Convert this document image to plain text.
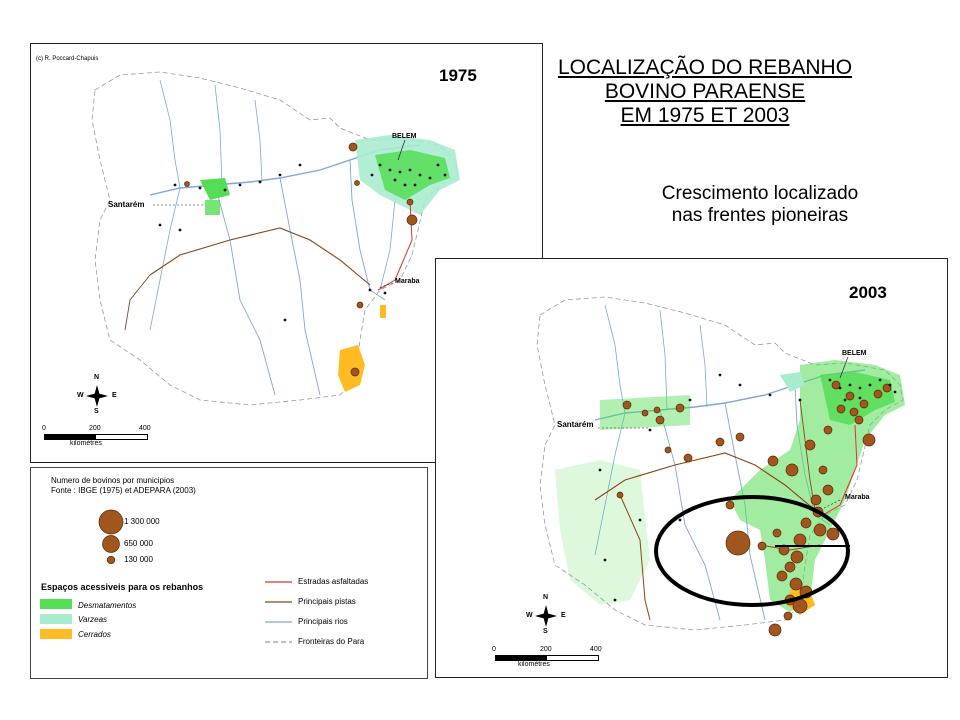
(c) R. Poccard-Chapuis
1975
Santarém
BELEM
Maraba
N
S
E
W
0	200	400
kilomètres
LOCALIZAÇÃO DO REBANHO
BOVINO PARAENSE
EM 1975 ET 2003
Crescimento localizado
nas frentes pioneiras
2003
Santarém
BELEM
Maraba
N
S
E
W
0	200	400
kilomètres
Numero de bovinos por municipios
Fonte : IBGE (1975) et ADEPARA (2003)
Espaços acessiveis para os rebanhos
1 300 000
650 000
130 000
Desmatamentos
Varzeas
Cerrados
Estradas asfaltadas
Principais pistas
Principais rios
Fronteiras do Para
